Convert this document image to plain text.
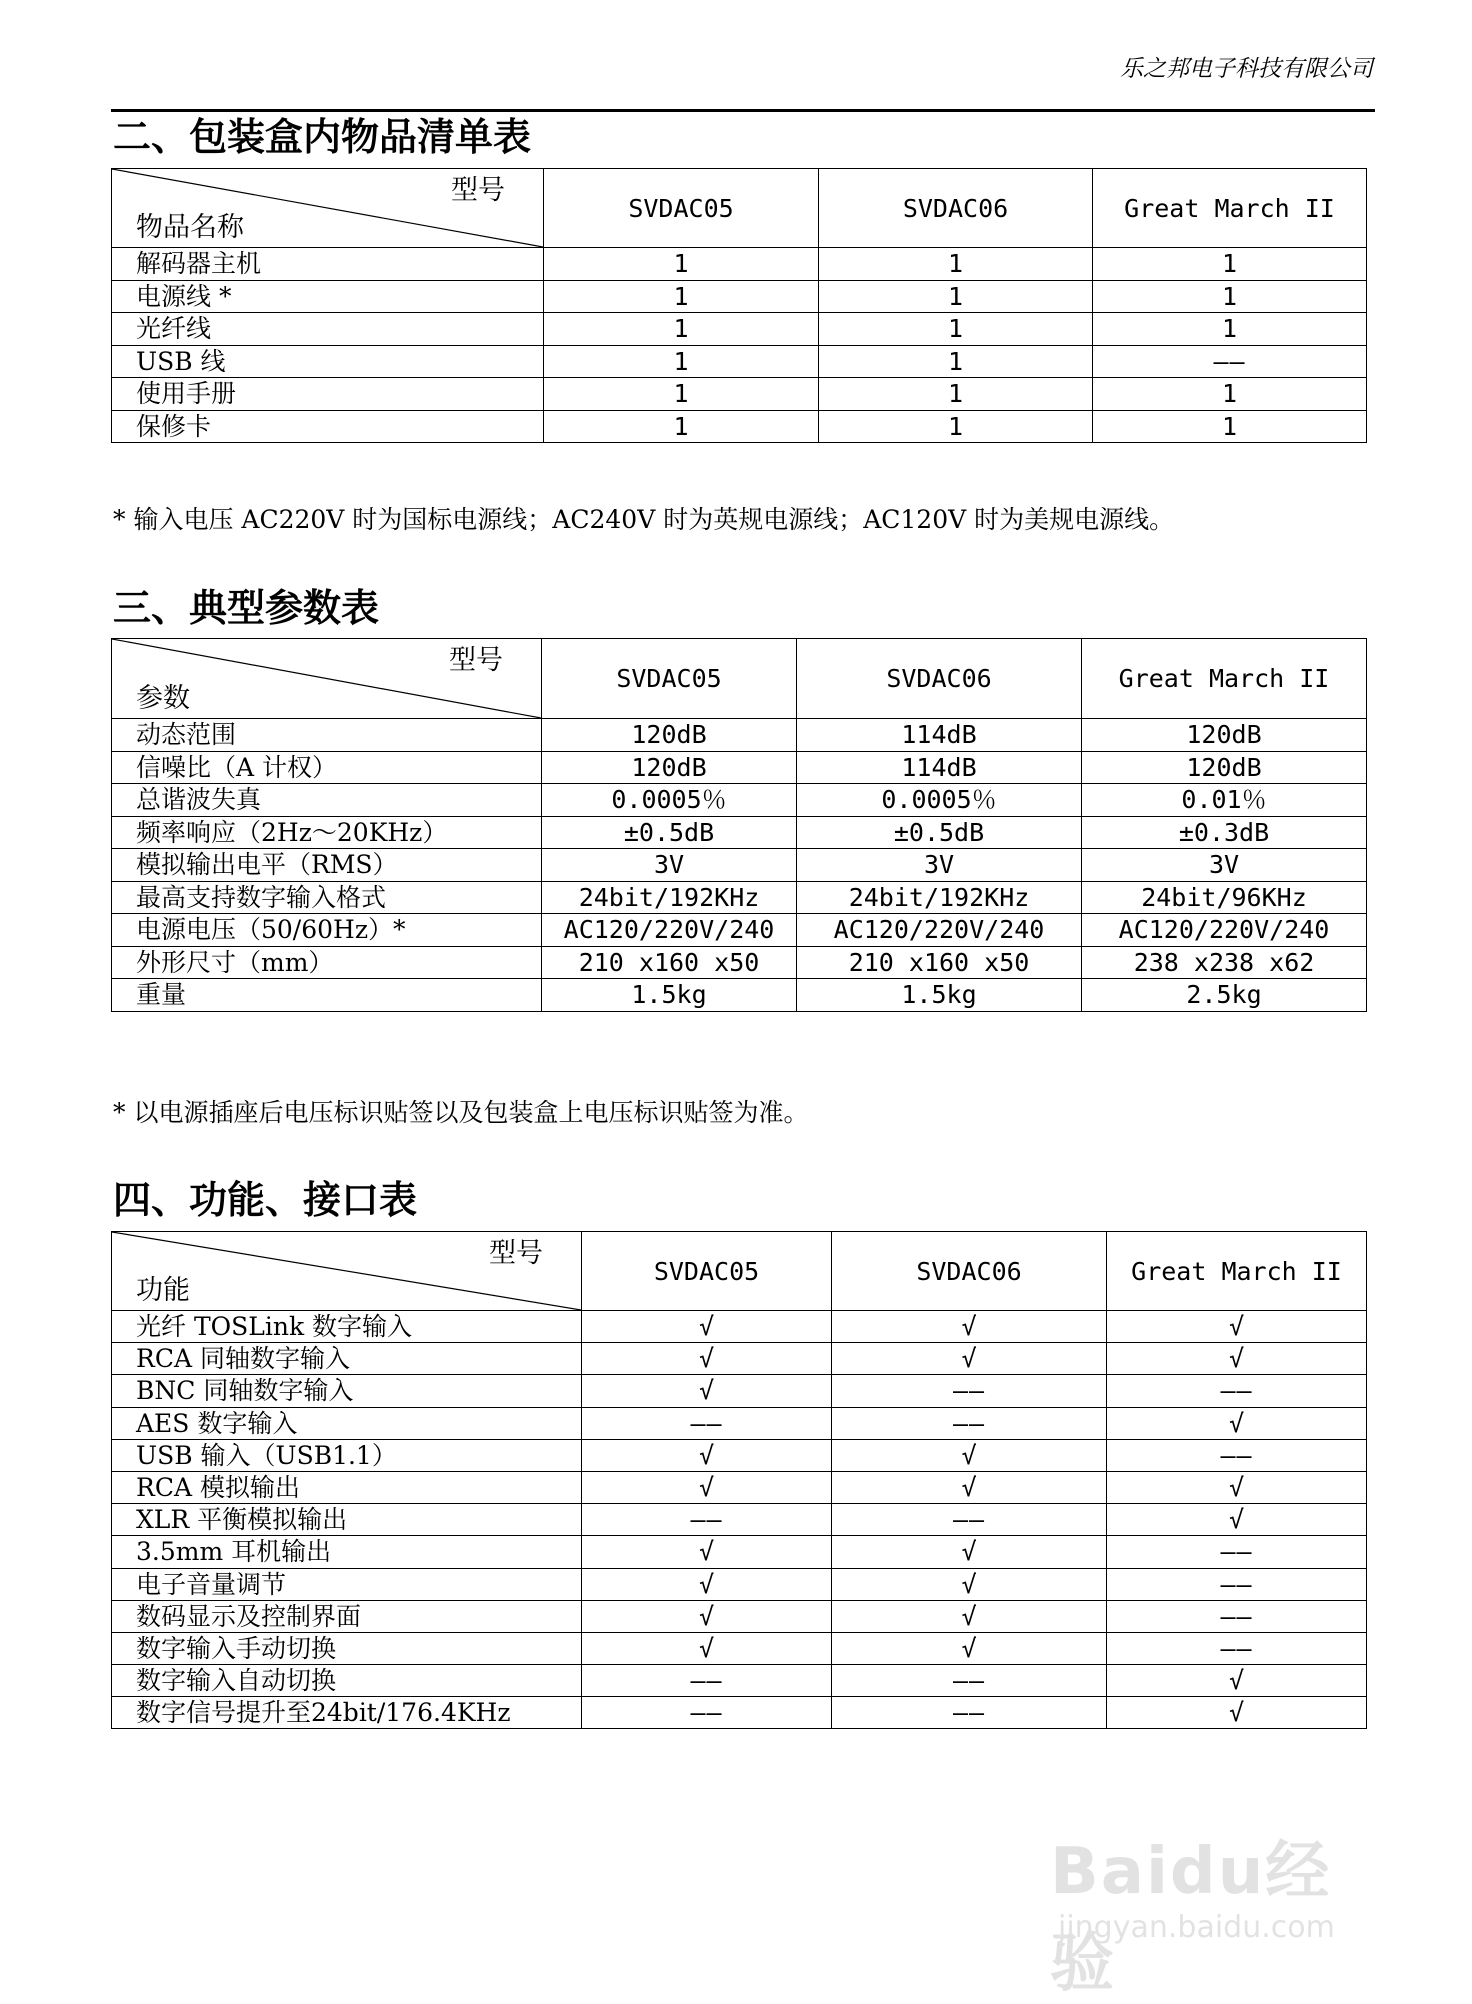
乐之邦电子科技有限公司
二、包装盒内物品清单表
型号
物品名称	SVDAC05	SVDAC06	Great March II
解码器主机	1	1	1
电源线 *	1	1	1
光纤线	1	1	1
USB 线	1	1	——
使用手册	1	1	1
保修卡	1	1	1
* 输入电压 AC220V 时为国标电源线；AC240V 时为英规电源线；AC120V 时为美规电源线。
三、典型参数表
型号
参数	SVDAC05	SVDAC06	Great March II
动态范围	120dB	114dB	120dB
信噪比（A 计权）	120dB	114dB	120dB
总谐波失真	0.0005％	0.0005％	0.01％
频率响应（2Hz～20KHz）	±0.5dB	±0.5dB	±0.3dB
模拟输出电平（RMS）	3V	3V	3V
最高支持数字输入格式	24bit/192KHz	24bit/192KHz	24bit/96KHz
电源电压（50/60Hz）*	AC120/220V/240	AC120/220V/240	AC120/220V/240
外形尺寸（mm）	210 x160 x50	210 x160 x50	238 x238 x62
重量	1.5kg	1.5kg	2.5kg
* 以电源插座后电压标识贴签以及包装盒上电压标识贴签为准。
四、功能、接口表
型号
功能	SVDAC05	SVDAC06	Great March II
光纤 TOSLink 数字输入	√	√	√
RCA 同轴数字输入	√	√	√
BNC 同轴数字输入	√	——	——
AES 数字输入	——	——	√
USB 输入（USB1.1）	√	√	——
RCA 模拟输出	√	√	√
XLR 平衡模拟输出	——	——	√
3.5mm 耳机输出	√	√	——
电子音量调节	√	√	——
数码显示及控制界面	√	√	——
数字输入手动切换	√	√	——
数字输入自动切换	——	——	√
数字信号提升至24bit/176.4KHz	——	——	√
Baidu经验
jingyan.baidu.com
